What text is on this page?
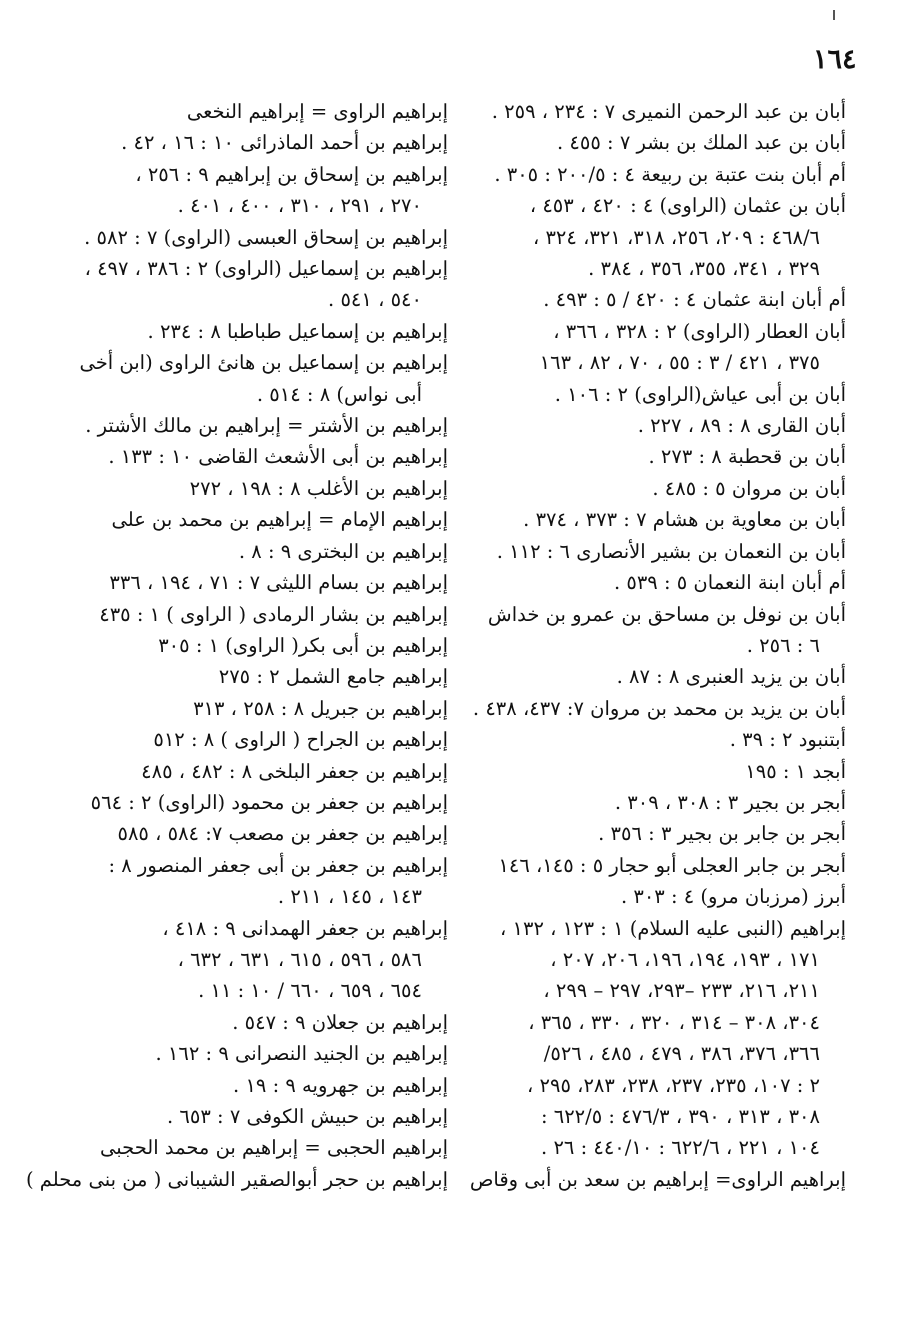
١٦٤
أبان بن عبد الرحمن النميرى ٧ : ٢٣٤ ، ٢٥٩ .
أبان بن عبد الملك بن بشر ٧ : ٤٥٥ .
أم أبان بنت عتبة بن ربيعة ٤ : ٢٠٠/٥ : ٣٠٥ .
أبان بن عثمان (الراوى) ٤ : ٤٢٠ ، ٤٥٣ ،
٤٦٨/٦ : ٢٠٩، ٢٥٦، ٣١٨، ٣٢١، ٣٢٤ ،
٣٢٩ ، ٣٤١، ٣٥٥، ٣٥٦ ، ٣٨٤ .
أم أبان ابنة عثمان ٤ : ٤٢٠ / ٥ : ٤٩٣ .
أبان العطار (الراوى) ٢ : ٣٢٨ ، ٣٦٦ ،
٣٧٥ ، ٤٢١ / ٣ : ٥٥ ، ٧٠ ، ٨٢ ، ١٦٣
أبان بن أبى عياش(الراوى) ٢ : ١٠٦ .
أبان القارى ٨ : ٨٩ ، ٢٢٧ .
أبان بن قحطبة ٨ : ٢٧٣ .
أبان بن مروان ٥ : ٤٨٥ .
أبان بن معاوية بن هشام ٧ : ٣٧٣ ، ٣٧٤ .
أبان بن النعمان بن بشير الأنصارى ٦ : ١١٢ .
أم أبان ابنة النعمان ٥ : ٥٣٩ .
أبان بن نوفل بن مساحق بن عمرو بن خداش
٦ : ٢٥٦ .
أبان بن يزيد العنبرى ٨ : ٨٧ .
أبان بن يزيد بن محمد بن مروان ٧: ٤٣٧، ٤٣٨ .
أبتنبود ٢ : ٣٩ .
أبجد ١ : ١٩٥
أبجر بن بجير ٣ : ٣٠٨ ، ٣٠٩ .
أبجر بن جابر بن بجير ٣ : ٣٥٦ .
أبجر بن جابر العجلى أبو حجار ٥ : ١٤٥، ١٤٦
أبرز (مرزبان مرو) ٤ : ٣٠٣ .
إبراهيم (النبى عليه السلام) ١ : ١٢٣ ، ١٣٢ ،
١٧١ ، ١٩٣، ١٩٤، ١٩٦، ٢٠٦، ٢٠٧ ،
٢١١، ٢١٦، ٢٣٣ –٢٩٣، ٢٩٧ – ٢٩٩ ،
٣٠٤، ٣٠٨ – ٣١٤ ، ٣٢٠ ، ٣٣٠ ، ٣٦٥ ،
٣٦٦، ٣٧٦، ٣٨٦ ، ٤٧٩ ، ٤٨٥ ، ٥٢٦/
٢ : ١٠٧، ٢٣٥، ٢٣٧، ٢٣٨، ٢٨٣، ٢٩٥ ،
٣٠٨ ، ٣١٣ ، ٣٩٠ ، ٤٧٦/٣ : ٦٢٢/٥ :
١٠٤ ، ٢٢١ ، ٦٢٢/٦ : ٤٤٠/١٠ : ٢٦ .
إبراهيم الراوى= إبراهيم بن سعد بن أبى وقاص
إبراهيم الراوى = إبراهيم النخعى
إبراهيم بن أحمد الماذرائى ١٠ : ١٦ ، ٤٢ .
إبراهيم بن إسحاق بن إبراهيم ٩ : ٢٥٦ ،
٢٧٠ ، ٢٩١ ، ٣١٠ ، ٤٠٠ ، ٤٠١ .
إبراهيم بن إسحاق العبسى (الراوى) ٧ : ٥٨٢ .
إبراهيم بن إسماعيل (الراوى) ٢ : ٣٨٦ ، ٤٩٧ ،
٥٤٠ ، ٥٤١ .
إبراهيم بن إسماعيل طباطبا ٨ : ٢٣٤ .
إبراهيم بن إسماعيل بن هانئ الراوى (ابن أخى
أبى نواس) ٨ : ٥١٤ .
إبراهيم بن الأشتر = إبراهيم بن مالك الأشتر .
إبراهيم بن أبى الأشعث القاضى ١٠ : ١٣٣ .
إبراهيم بن الأغلب ٨ : ١٩٨ ، ٢٧٢
إبراهيم الإمام = إبراهيم بن محمد بن على
إبراهيم بن البخترى ٩ : ٨ .
إبراهيم بن بسام الليثى ٧ : ٧١ ، ١٩٤ ، ٣٣٦
إبراهيم بن بشار الرمادى ( الراوى ) ١ : ٤٣٥
إبراهيم بن أبى بكر( الراوى) ١ : ٣٠٥
إبراهيم جامع الشمل ٢ : ٢٧٥
إبراهيم بن جبريل ٨ : ٢٥٨ ، ٣١٣
إبراهيم بن الجراح ( الراوى ) ٨ : ٥١٢
إبراهيم بن جعفر البلخى ٨ : ٤٨٢ ، ٤٨٥
إبراهيم بن جعفر بن محمود (الراوى) ٢ : ٥٦٤
إبراهيم بن جعفر بن مصعب ٧: ٥٨٤ ، ٥٨٥
إبراهيم بن جعفر بن أبى جعفر المنصور ٨ :
١٤٣ ، ١٤٥ ، ٢١١ .
إبراهيم بن جعفر الهمدانى ٩ : ٤١٨ ،
٥٨٦ ، ٥٩٦ ، ٦١٥ ، ٦٣١ ، ٦٣٢ ،
٦٥٤ ، ٦٥٩ ، ٦٦٠ / ١٠ : ١١ .
إبراهيم بن جعلان ٩ : ٥٤٧ .
إبراهيم بن الجنيد النصرانى ٩ : ١٦٢ .
إبراهيم بن جهرويه ٩ : ١٩ .
إبراهيم بن حبيش الكوفى ٧ : ٦٥٣ .
إبراهيم الحجبى = إبراهيم بن محمد الحجبى
إبراهيم بن حجر أبوالصقير الشيبانى ( من بنى محلم )
